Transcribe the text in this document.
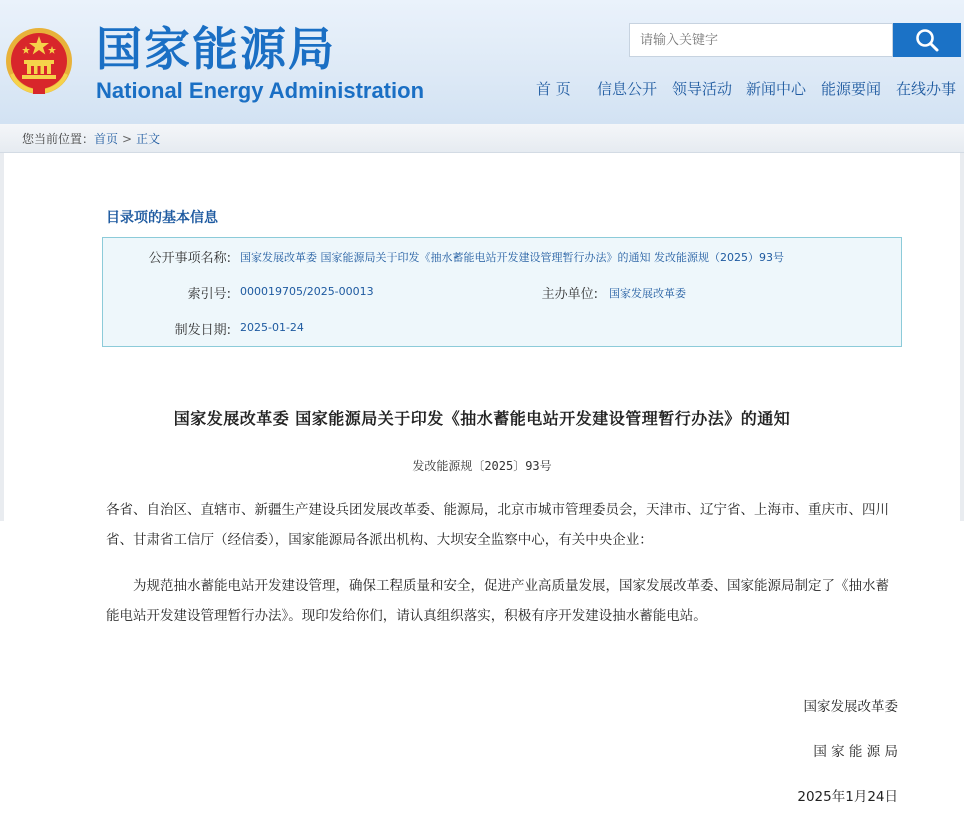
国家能源局
National Energy Administration
请输入关键字	首 页 信息公开 领导活动 新闻中心 能源要闻 在线办事
您当前位置：首页 > 正文
目录项的基本信息
公开事项名称: 国家发展改革委 国家能源局关于印发《抽水蓄能电站开发建设管理暂行办法》的通知 发改能源规（2025）93号
索引号: 000019705/2025-00013	主办单位: 国家发展改革委
制发日期: 2025-01-24
国家发展改革委 国家能源局关于印发《抽水蓄能电站开发建设管理暂行办法》的通知
发改能源规〔2025〕93号
各省、自治区、直辖市、新疆生产建设兵团发展改革委、能源局，北京市城市管理委员会，天津市、辽宁省、上海市、重庆市、四川省、甘肃省工信厅（经信委），国家能源局各派出机构、大坝安全监察中心，有关中央企业：
为规范抽水蓄能电站开发建设管理，确保工程质量和安全，促进产业高质量发展，国家发展改革委、国家能源局制定了《抽水蓄能电站开发建设管理暂行办法》。现印发给你们，请认真组织落实，积极有序开发建设抽水蓄能电站。
国家发展改革委
国 家 能 源 局
2025年1月24日
